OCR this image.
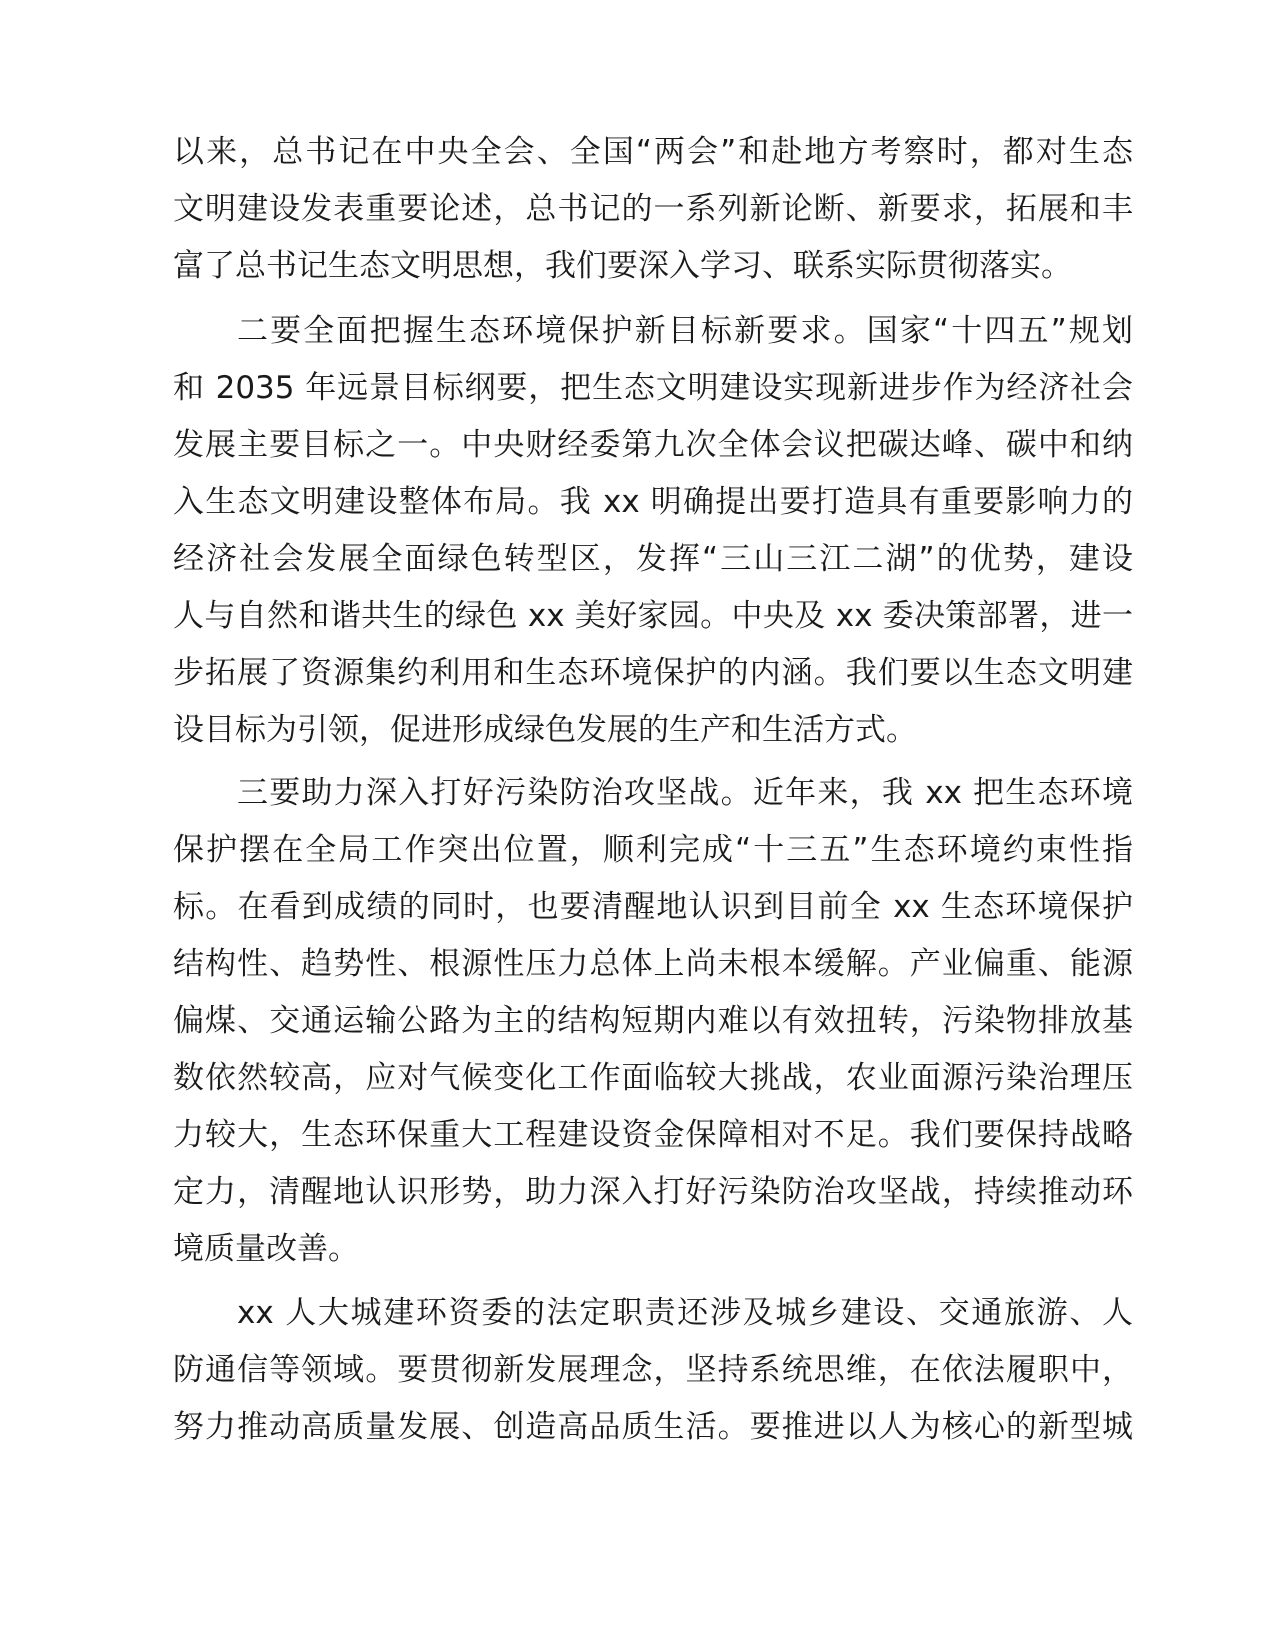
以来，总书记在中央全会、全国“两会”和赴地方考察时，都对生态
文明建设发表重要论述，总书记的一系列新论断、新要求，拓展和丰
富了总书记生态文明思想，我们要深入学习、联系实际贯彻落实。
二要全面把握生态环境保护新目标新要求。国家“十四五”规划
和 2035 年远景目标纲要，把生态文明建设实现新进步作为经济社会
发展主要目标之一。中央财经委第九次全体会议把碳达峰、碳中和纳
入生态文明建设整体布局。我 xx 明确提出要打造具有重要影响力的
经济社会发展全面绿色转型区，发挥“三山三江二湖”的优势，建设
人与自然和谐共生的绿色 xx 美好家园。中央及 xx 委决策部署，进一
步拓展了资源集约利用和生态环境保护的内涵。我们要以生态文明建
设目标为引领，促进形成绿色发展的生产和生活方式。
三要助力深入打好污染防治攻坚战。近年来，我 xx 把生态环境
保护摆在全局工作突出位置，顺利完成“十三五”生态环境约束性指
标。在看到成绩的同时，也要清醒地认识到目前全 xx 生态环境保护
结构性、趋势性、根源性压力总体上尚未根本缓解。产业偏重、能源
偏煤、交通运输公路为主的结构短期内难以有效扭转，污染物排放基
数依然较高，应对气候变化工作面临较大挑战，农业面源污染治理压
力较大，生态环保重大工程建设资金保障相对不足。我们要保持战略
定力，清醒地认识形势，助力深入打好污染防治攻坚战，持续推动环
境质量改善。
xx 人大城建环资委的法定职责还涉及城乡建设、交通旅游、人
防通信等领域。要贯彻新发展理念，坚持系统思维，在依法履职中，
努力推动高质量发展、创造高品质生活。要推进以人为核心的新型城
